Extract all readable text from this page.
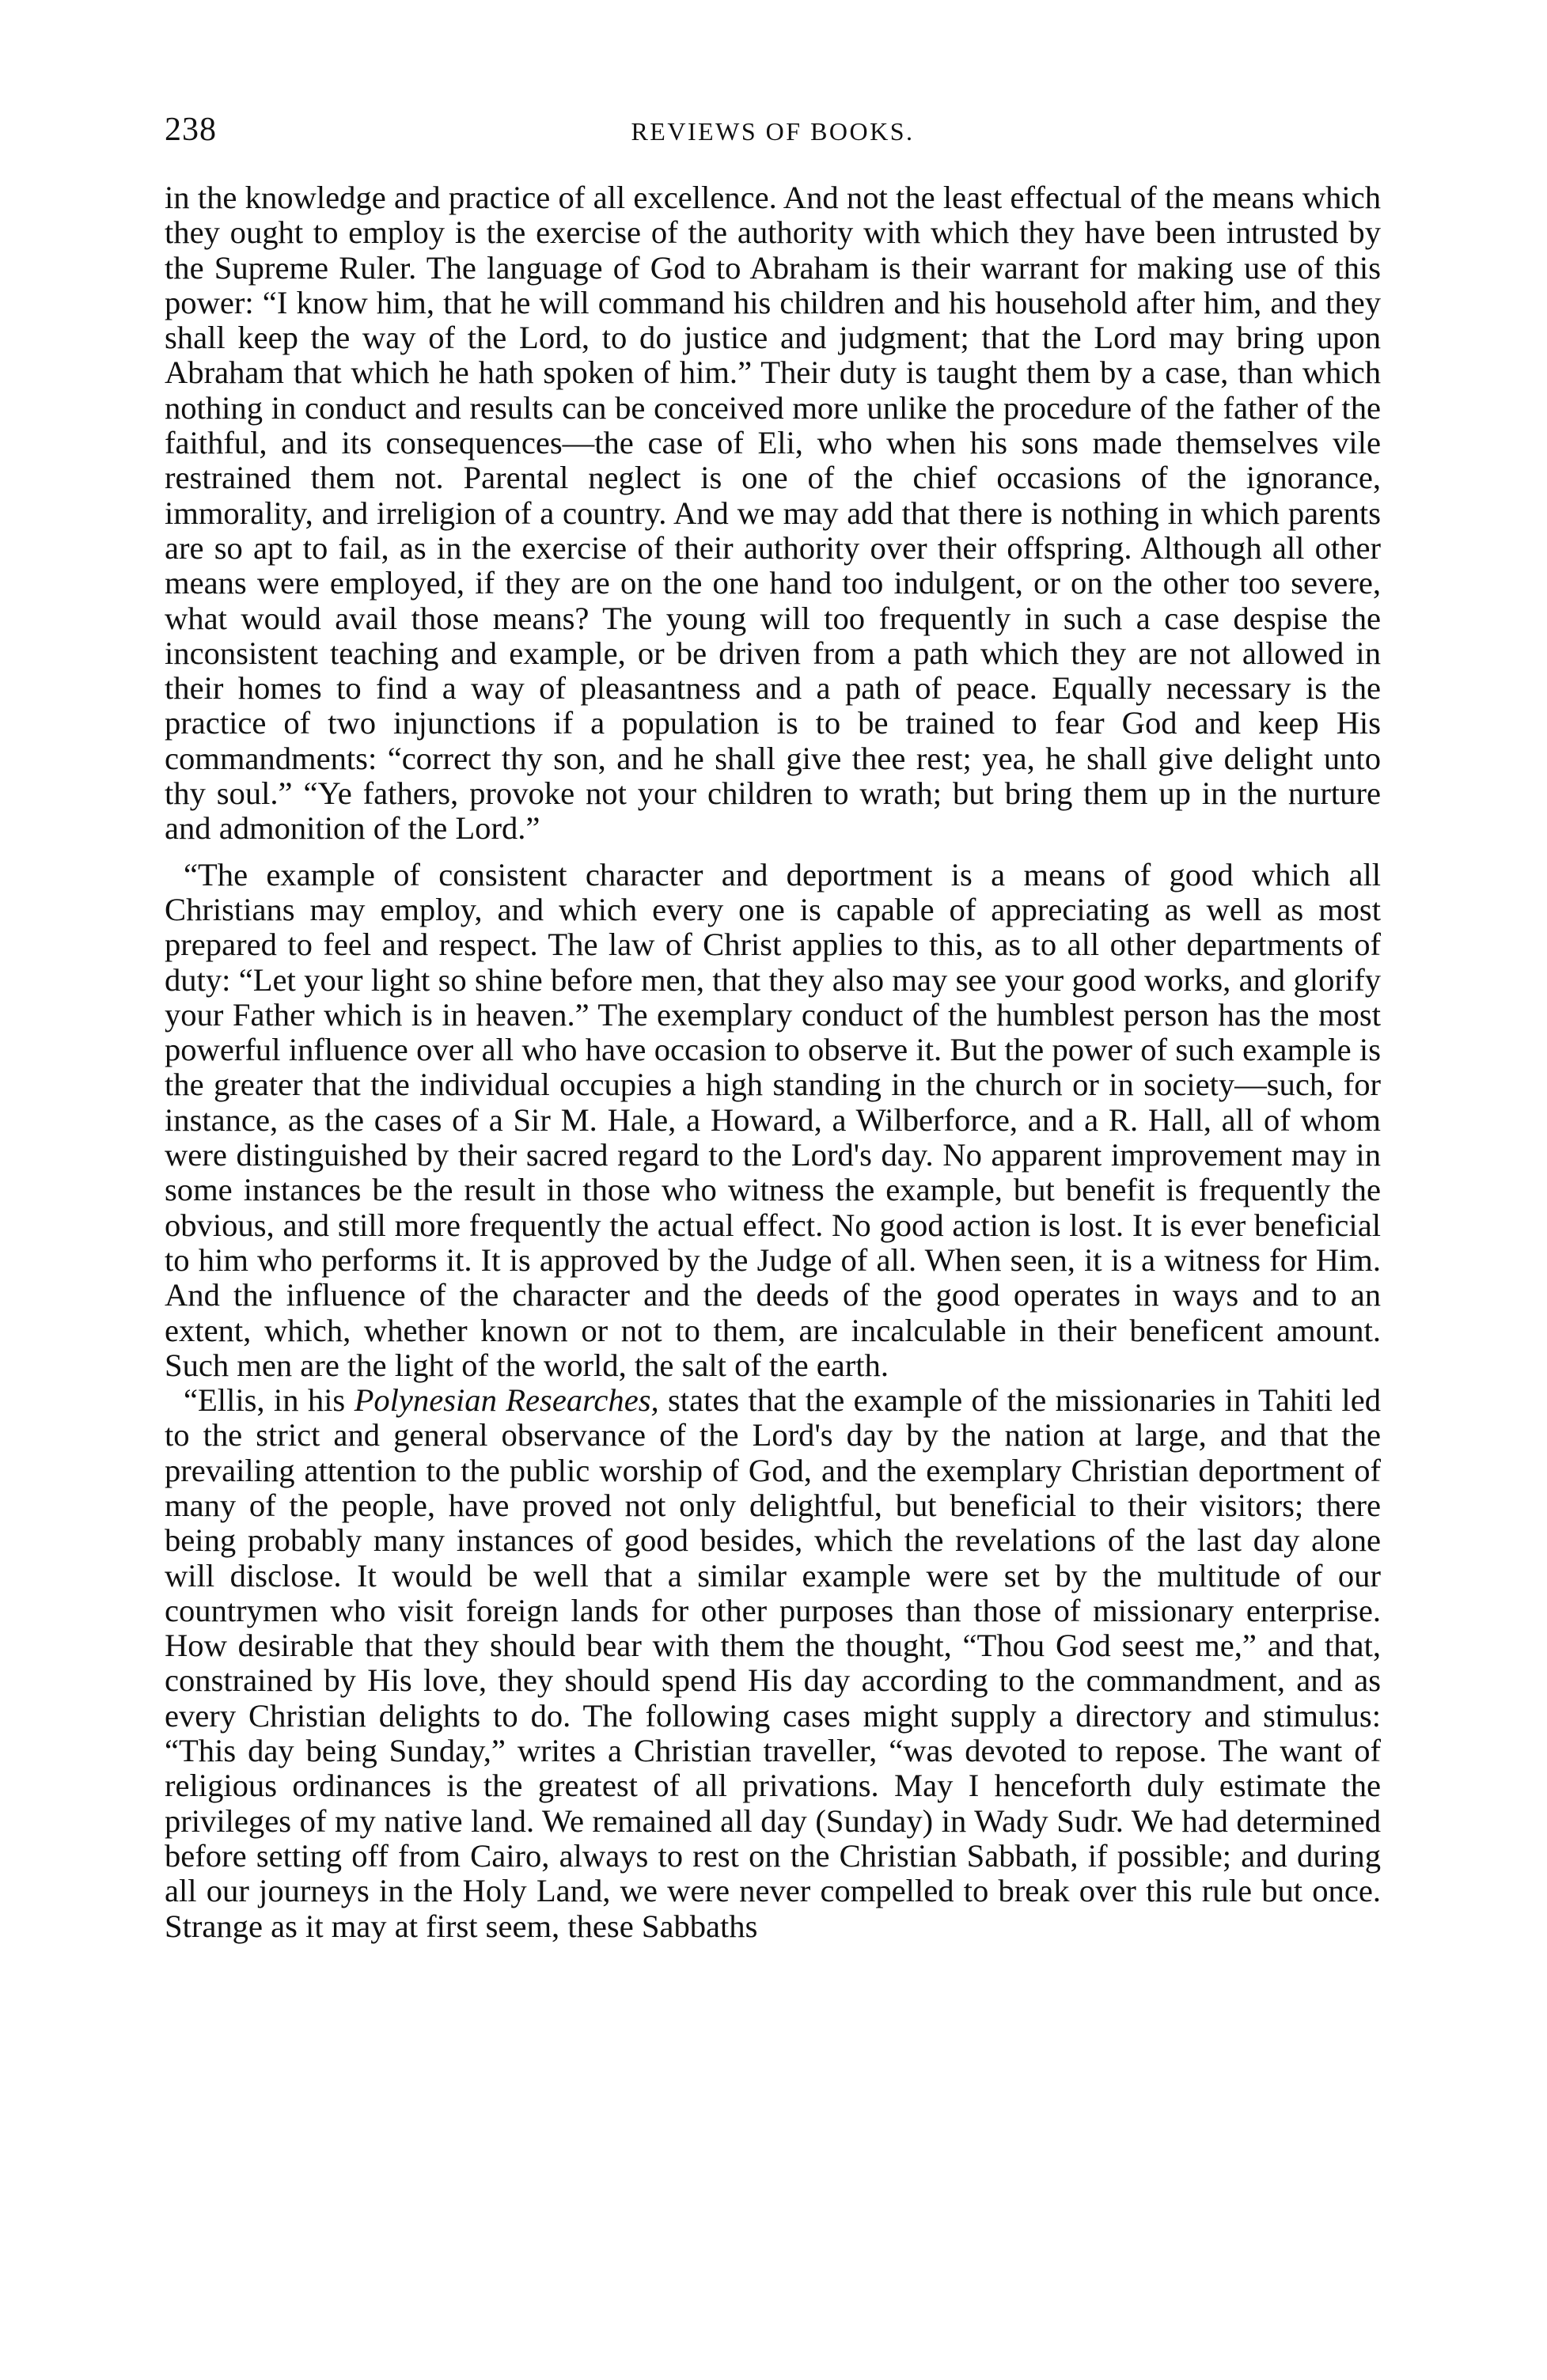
238	REVIEWS OF BOOKS.

in the knowledge and practice of all excellence. And not the least effectual of the means which they ought to employ is the exercise of the authority with which they have been intrusted by the Supreme Ruler. The language of God to Abraham is their warrant for making use of this power: “I know him, that he will command his children and his household after him, and they shall keep the way of the Lord, to do justice and judgment; that the Lord may bring upon Abraham that which he hath spoken of him.” Their duty is taught them by a case, than which nothing in conduct and results can be conceived more unlike the procedure of the father of the faithful, and its consequences—the case of Eli, who when his sons made themselves vile restrained them not. Parental neglect is one of the chief occasions of the ignorance, immorality, and irreligion of a country. And we may add that there is nothing in which parents are so apt to fail, as in the exercise of their authority over their offspring. Although all other means were employed, if they are on the one hand too indulgent, or on the other too severe, what would avail those means? The young will too frequently in such a case despise the inconsistent teaching and example, or be driven from a path which they are not allowed in their homes to find a way of pleasantness and a path of peace. Equally necessary is the practice of two injunctions if a population is to be trained to fear God and keep His commandments: “correct thy son, and he shall give thee rest; yea, he shall give delight unto thy soul.” “Ye fathers, provoke not your children to wrath; but bring them up in the nurture and admonition of the Lord.”

“The example of consistent character and deportment is a means of good which all Christians may employ, and which every one is capable of appreciating as well as most prepared to feel and respect. The law of Christ applies to this, as to all other departments of duty: “Let your light so shine before men, that they also may see your good works, and glorify your Father which is in heaven.” The exemplary conduct of the humblest person has the most powerful influence over all who have occasion to observe it. But the power of such example is the greater that the individual occupies a high standing in the church or in society—such, for instance, as the cases of a Sir M. Hale, a Howard, a Wilberforce, and a R. Hall, all of whom were distinguished by their sacred regard to the Lord's day. No apparent improvement may in some instances be the result in those who witness the example, but benefit is frequently the obvious, and still more frequently the actual effect. No good action is lost. It is ever beneficial to him who performs it. It is approved by the Judge of all. When seen, it is a witness for Him. And the influence of the character and the deeds of the good operates in ways and to an extent, which, whether known or not to them, are incalculable in their beneficent amount. Such men are the light of the world, the salt of the earth.

“Ellis, in his Polynesian Researches, states that the example of the missionaries in Tahiti led to the strict and general observance of the Lord's day by the nation at large, and that the prevailing attention to the public worship of God, and the exemplary Christian deportment of many of the people, have proved not only delightful, but beneficial to their visitors; there being probably many instances of good besides, which the revelations of the last day alone will disclose. It would be well that a similar example were set by the multitude of our countrymen who visit foreign lands for other purposes than those of missionary enterprise. How desirable that they should bear with them the thought, “Thou God seest me,” and that, constrained by His love, they should spend His day according to the commandment, and as every Christian delights to do. The following cases might supply a directory and stimulus: “This day being Sunday,” writes a Christian traveller, “was devoted to repose. The want of religious ordinances is the greatest of all privations. May I henceforth duly estimate the privileges of my native land. We remained all day (Sunday) in Wady Sudr. We had determined before setting off from Cairo, always to rest on the Christian Sabbath, if possible; and during all our journeys in the Holy Land, we were never compelled to break over this rule but once. Strange as it may at first seem, these Sabbaths
